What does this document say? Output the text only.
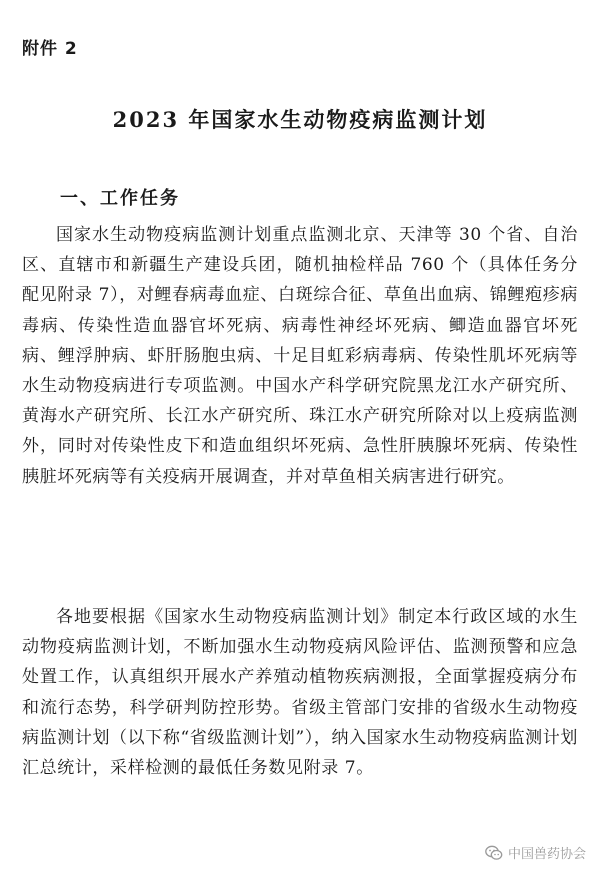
附件 2
2023 年国家水生动物疫病监测计划
一、工作任务

国家水生动物疫病监测计划重点监测北京、天津等 30 个省、自治区、直辖市和新疆生产建设兵团，随机抽检样品 760 个（具体任务分配见附录 7），对鲤春病毒血症、白斑综合征、草鱼出血病、锦鲤疱疹病毒病、传染性造血器官坏死病、病毒性神经坏死病、鲫造血器官坏死病、鲤浮肿病、虾肝肠胞虫病、十足目虹彩病毒病、传染性肌坏死病等水生动物疫病进行专项监测。中国水产科学研究院黑龙江水产研究所、黄海水产研究所、长江水产研究所、珠江水产研究所除对以上疫病监测外，同时对传染性皮下和造血组织坏死病、急性肝胰腺坏死病、传染性胰脏坏死病等有关疫病开展调查，并对草鱼相关病害进行研究。

各地要根据《国家水生动物疫病监测计划》制定本行政区域的水生动物疫病监测计划，不断加强水生动物疫病风险评估、监测预警和应急处置工作，认真组织开展水产养殖动植物疾病测报，全面掌握疫病分布和流行态势，科学研判防控形势。省级主管部门安排的省级水生动物疫病监测计划（以下称“省级监测计划”），纳入国家水生动物疫病监测计划汇总统计，采样检测的最低任务数见附录 7。

中国兽药协会
